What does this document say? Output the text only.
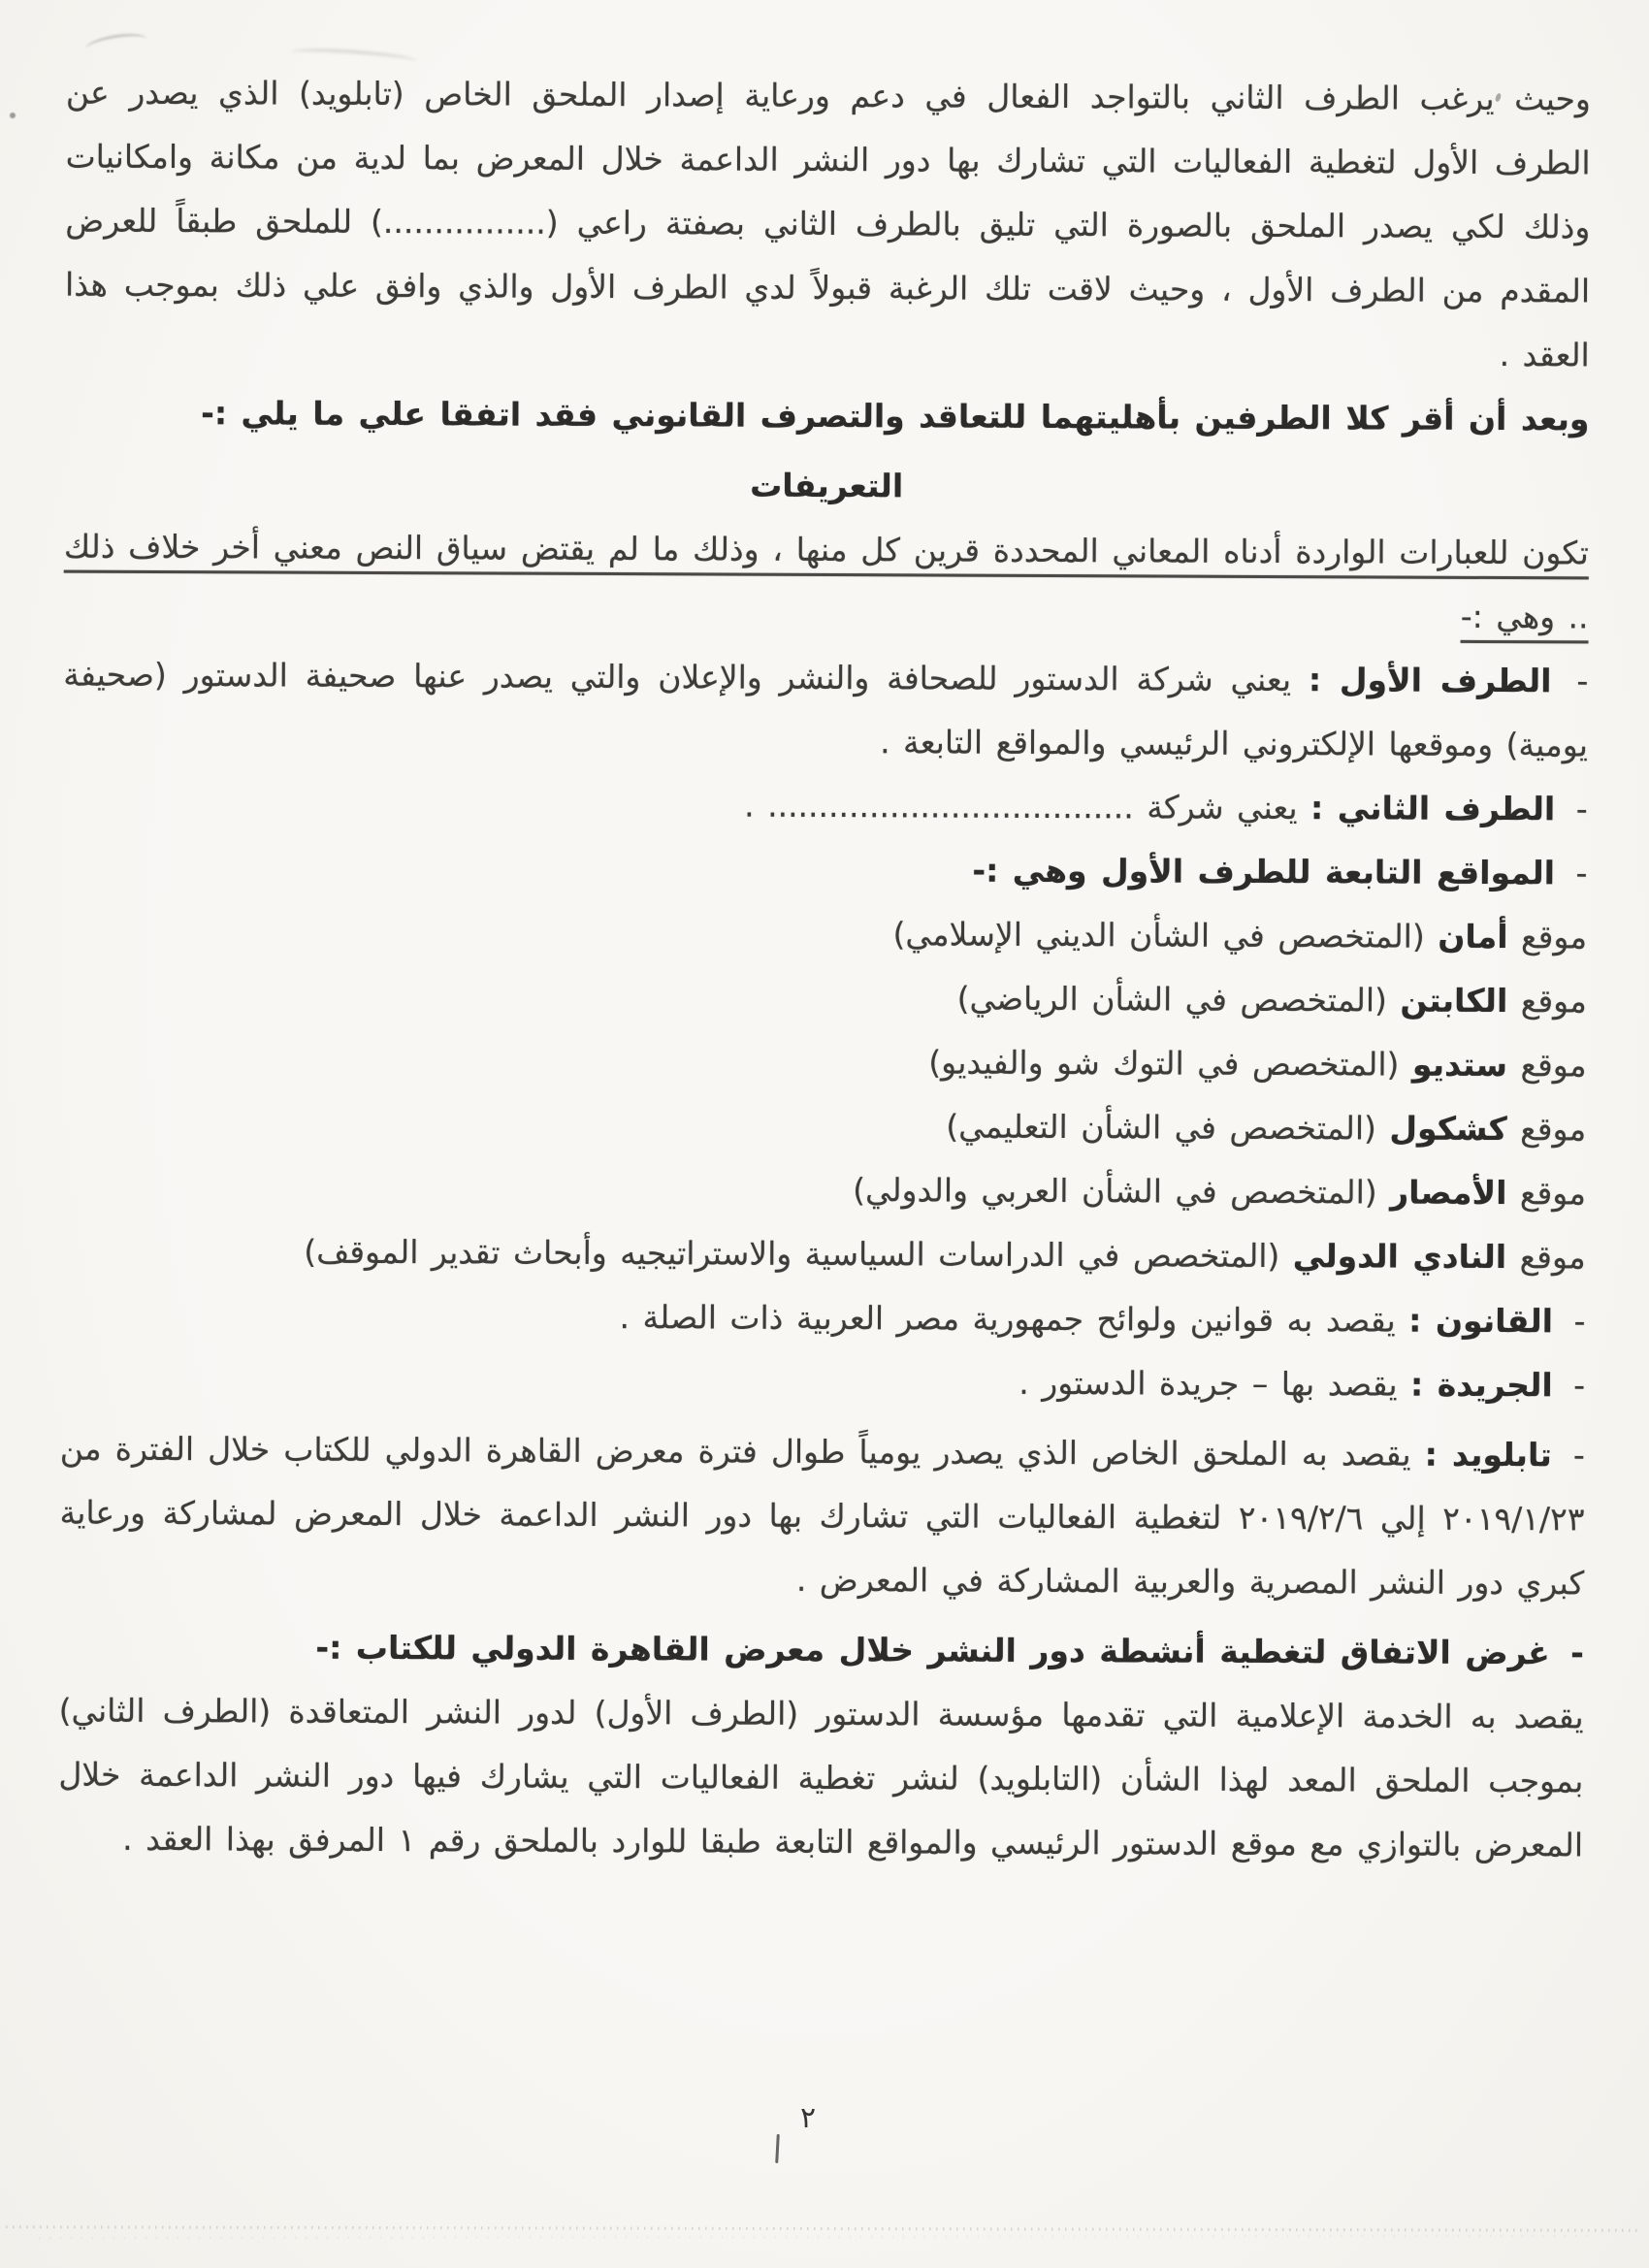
وحيث يرغب الطرف الثاني بالتواجد الفعال في دعم ورعاية إصدار الملحق الخاص (تابلويد) الذي يصدر عن الطرف الأول لتغطية الفعاليات التي تشارك بها دور النشر الداعمة خلال المعرض بما لدية من مكانة وامكانيات وذلك لكي يصدر الملحق بالصورة التي تليق بالطرف الثاني بصفتة راعي (................) للملحق طبقاً للعرض المقدم من الطرف الأول ، وحيث لاقت تلك الرغبة قبولاً لدي الطرف الأول والذي وافق علي ذلك بموجب هذا العقد .

وبعد أن أقر كلا الطرفين بأهليتهما للتعاقد والتصرف القانوني فقد اتفقا علي ما يلي :-

التعريفات

تكون للعبارات الواردة أدناه المعاني المحددة قرين كل منها ، وذلك ما لم يقتض سياق النص معني أخر خلاف ذلك .. وهي :-

- الطرف الأول : يعني شركة الدستور للصحافة والنشر والإعلان والتي يصدر عنها صحيفة الدستور (صحيفة يومية) وموقعها الإلكتروني الرئيسي والمواقع التابعة .

- الطرف الثاني : يعني شركة .................................... .

- المواقع التابعة للطرف الأول وهي :-

موقع أمان (المتخصص في الشأن الديني الإسلامي)

موقع الكابتن (المتخصص في الشأن الرياضي)

موقع ستديو (المتخصص في التوك شو والفيديو)

موقع كشكول (المتخصص في الشأن التعليمي)

موقع الأمصار (المتخصص في الشأن العربي والدولي)

موقع النادي الدولي (المتخصص في الدراسات السياسية والاستراتيجيه وأبحاث تقدير الموقف)

- القانون : يقصد به قوانين ولوائح جمهورية مصر العربية ذات الصلة .

- الجريدة : يقصد بها – جريدة الدستور .

- تابلويد : يقصد به الملحق الخاص الذي يصدر يومياً طوال فترة معرض القاهرة الدولي للكتاب خلال الفترة من ٢٠١٩/١/٢٣ إلي ٢٠١٩/٢/٦ لتغطية الفعاليات التي تشارك بها دور النشر الداعمة خلال المعرض لمشاركة ورعاية كبري دور النشر المصرية والعربية المشاركة في المعرض .

- غرض الاتفاق لتغطية أنشطة دور النشر خلال معرض القاهرة الدولي للكتاب :-

يقصد به الخدمة الإعلامية التي تقدمها مؤسسة الدستور (الطرف الأول) لدور النشر المتعاقدة (الطرف الثاني) بموجب الملحق المعد لهذا الشأن (التابلويد) لنشر تغطية الفعاليات التي يشارك فيها دور النشر الداعمة خلال المعرض بالتوازي مع موقع الدستور الرئيسي والمواقع التابعة طبقا للوارد بالملحق رقم ١ المرفق بهذا العقد .

٢
